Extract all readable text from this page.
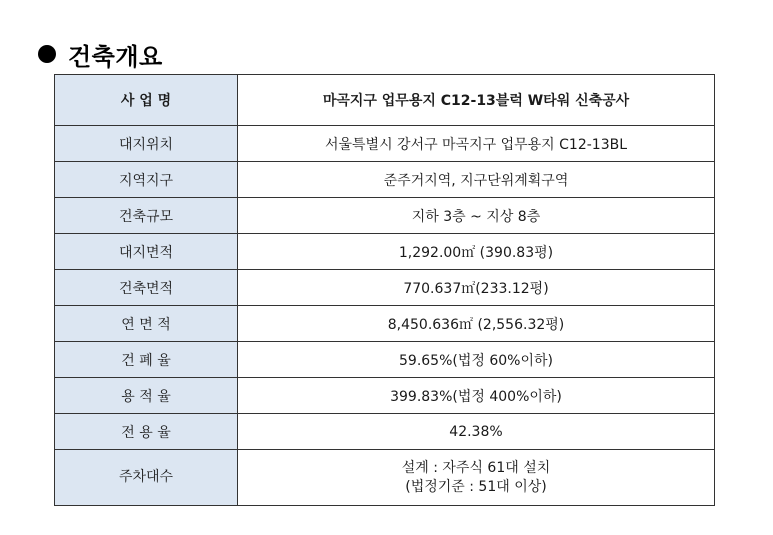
건축개요
사 업 명	마곡지구 업무용지 C12-13블럭 W타워 신축공사
대지위치	서울특별시 강서구 마곡지구 업무용지 C12-13BL
지역지구	준주거지역, 지구단위계획구역
건축규모	지하 3층 ~ 지상 8층
대지면적	1,292.00㎡ (390.83평)
건축면적	770.637㎡(233.12평)
연 면 적	8,450.636㎡ (2,556.32평)
건 폐 율	59.65%(법정 60%이하)
용 적 율	399.83%(법정 400%이하)
전 용 율	42.38%
주차대수	설계 : 자주식 61대 설치
(법정기준 : 51대 이상)
